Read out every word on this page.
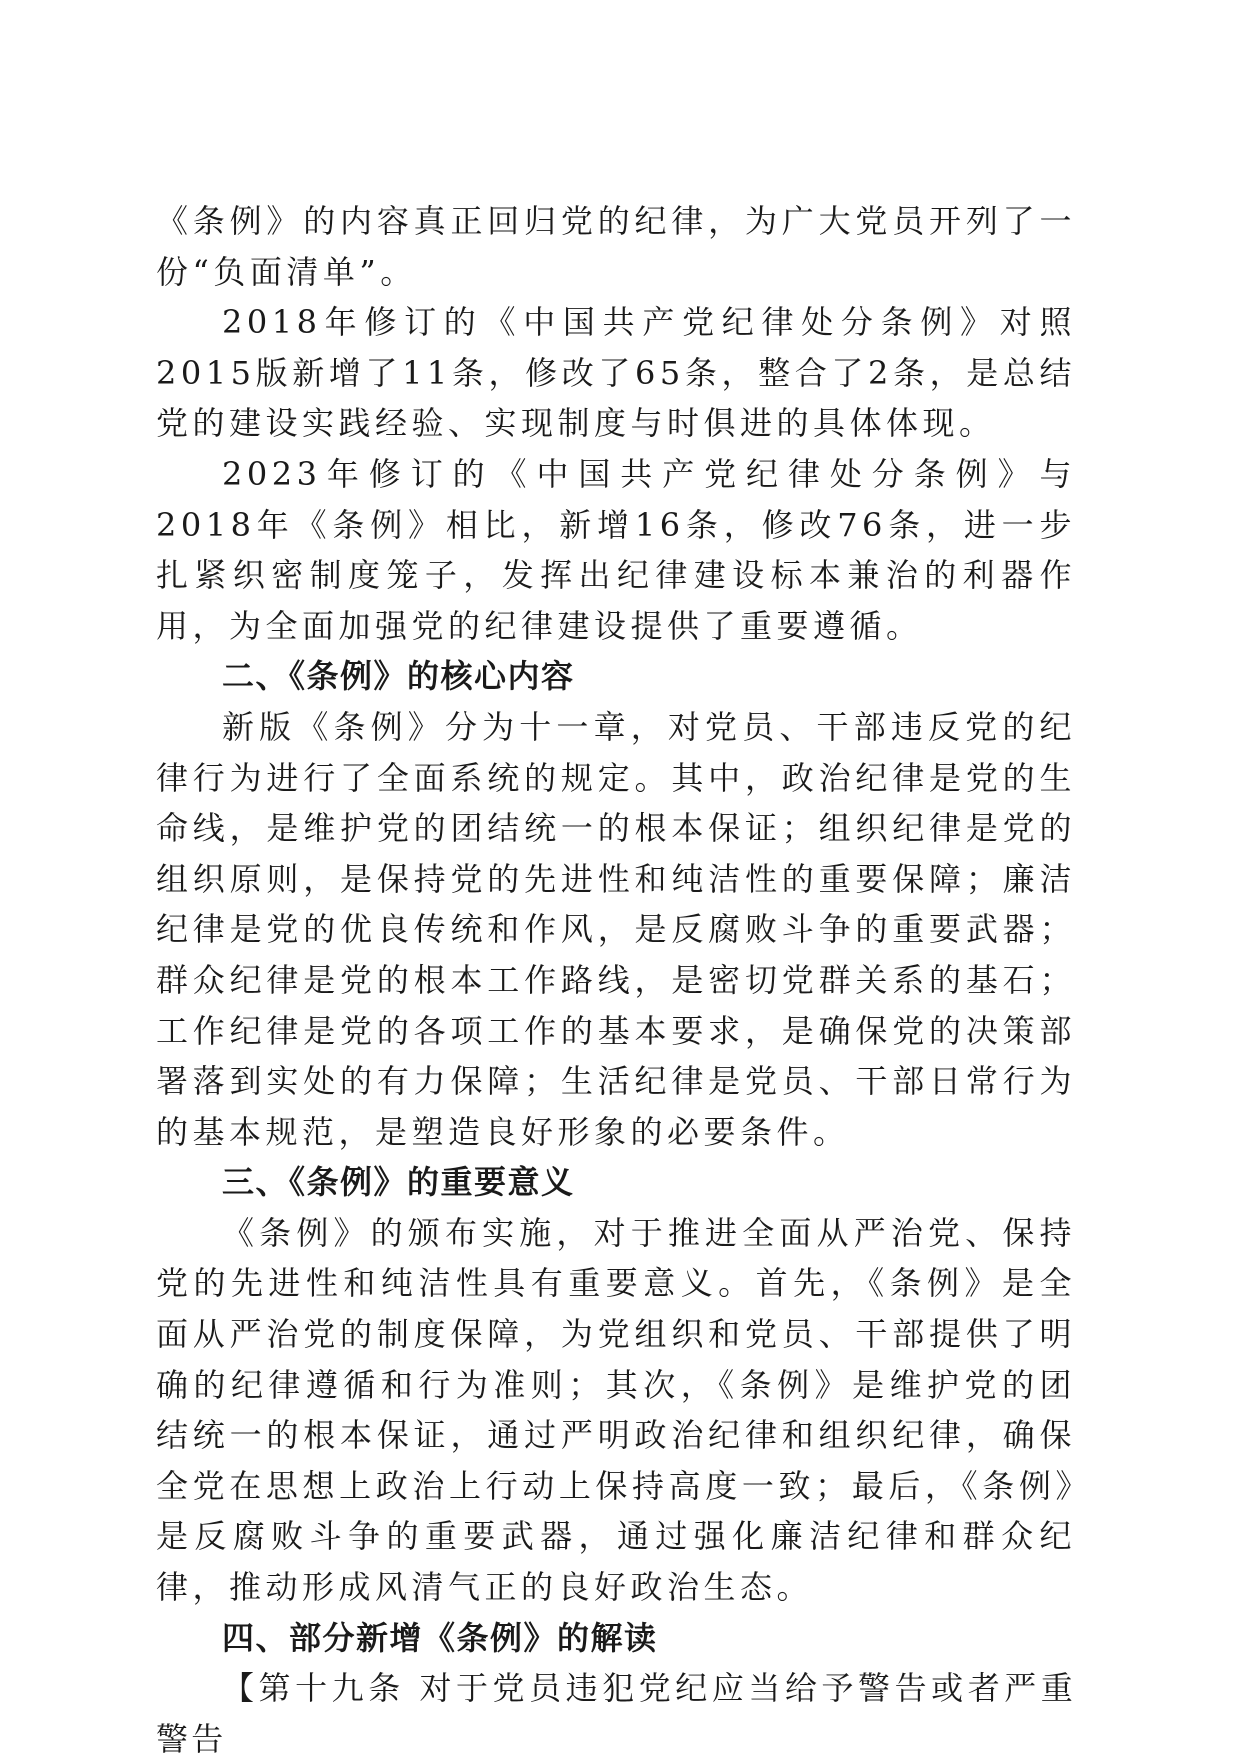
《条例》的内容真正回归党的纪律，为广大党员开列了一份“负面清单”。

2018年修订的《中国共产党纪律处分条例》对照2015版新增了11条，修改了65条，整合了2条，是总结党的建设实践经验、实现制度与时俱进的具体体现。

2023年修订的《中国共产党纪律处分条例》与2018年《条例》相比，新增16条，修改76条，进一步扎紧织密制度笼子，发挥出纪律建设标本兼治的利器作用，为全面加强党的纪律建设提供了重要遵循。

二、《条例》的核心内容

新版《条例》分为十一章，对党员、干部违反党的纪律行为进行了全面系统的规定。其中，政治纪律是党的生命线，是维护党的团结统一的根本保证；组织纪律是党的组织原则，是保持党的先进性和纯洁性的重要保障；廉洁纪律是党的优良传统和作风，是反腐败斗争的重要武器；群众纪律是党的根本工作路线，是密切党群关系的基石；工作纪律是党的各项工作的基本要求，是确保党的决策部署落到实处的有力保障；生活纪律是党员、干部日常行为的基本规范，是塑造良好形象的必要条件。

三、《条例》的重要意义

《条例》的颁布实施，对于推进全面从严治党、保持党的先进性和纯洁性具有重要意义。首先，《条例》是全面从严治党的制度保障，为党组织和党员、干部提供了明确的纪律遵循和行为准则；其次，《条例》是维护党的团结统一的根本保证，通过严明政治纪律和组织纪律，确保全党在思想上政治上行动上保持高度一致；最后，《条例》是反腐败斗争的重要武器，通过强化廉洁纪律和群众纪律，推动形成风清气正的良好政治生态。

四、部分新增《条例》的解读

【第十九条 对于党员违犯党纪应当给予警告或者严重警告
